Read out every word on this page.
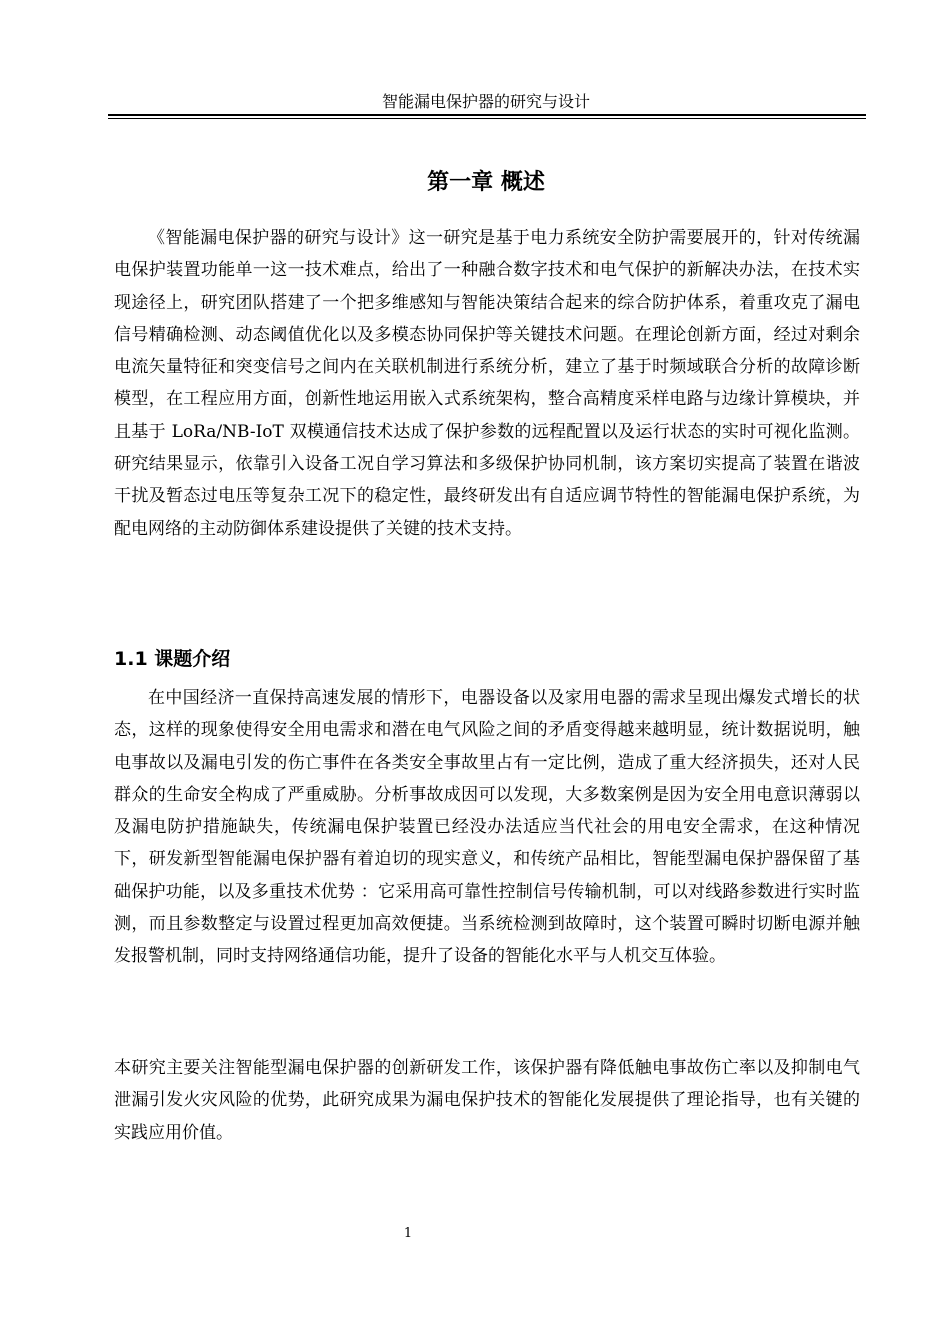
智能漏电保护器的研究与设计
第一章 概述

《智能漏电保护器的研究与设计》这一研究是基于电力系统安全防护需要展开的，针对传统漏电保护装置功能单一这一技术难点，给出了一种融合数字技术和电气保护的新解决办法，在技术实现途径上，研究团队搭建了一个把多维感知与智能决策结合起来的综合防护体系，着重攻克了漏电信号精确检测、动态阈值优化以及多模态协同保护等关键技术问题。在理论创新方面，经过对剩余电流矢量特征和突变信号之间内在关联机制进行系统分析，建立了基于时频域联合分析的故障诊断模型，在工程应用方面，创新性地运用嵌入式系统架构，整合高精度采样电路与边缘计算模块，并且基于 LoRa/NB-IoT 双模通信技术达成了保护参数的远程配置以及运行状态的实时可视化监测。研究结果显示，依靠引入设备工况自学习算法和多级保护协同机制，该方案切实提高了装置在谐波干扰及暂态过电压等复杂工况下的稳定性，最终研发出有自适应调节特性的智能漏电保护系统，为配电网络的主动防御体系建设提供了关键的技术支持。

1.1 课题介绍

在中国经济一直保持高速发展的情形下，电器设备以及家用电器的需求呈现出爆发式增长的状态，这样的现象使得安全用电需求和潜在电气风险之间的矛盾变得越来越明显，统计数据说明，触电事故以及漏电引发的伤亡事件在各类安全事故里占有一定比例，造成了重大经济损失，还对人民群众的生命安全构成了严重威胁。分析事故成因可以发现，大多数案例是因为安全用电意识薄弱以及漏电防护措施缺失，传统漏电保护装置已经没办法适应当代社会的用电安全需求，在这种情况下，研发新型智能漏电保护器有着迫切的现实意义，和传统产品相比，智能型漏电保护器保留了基础保护功能，以及多重技术优势 ：它采用高可靠性控制信号传输机制，可以对线路参数进行实时监测，而且参数整定与设置过程更加高效便捷。当系统检测到故障时，这个装置可瞬时切断电源并触发报警机制，同时支持网络通信功能，提升了设备的智能化水平与人机交互体验。

本研究主要关注智能型漏电保护器的创新研发工作，该保护器有降低触电事故伤亡率以及抑制电气泄漏引发火灾风险的优势，此研究成果为漏电保护技术的智能化发展提供了理论指导，也有关键的实践应用价值。

1
